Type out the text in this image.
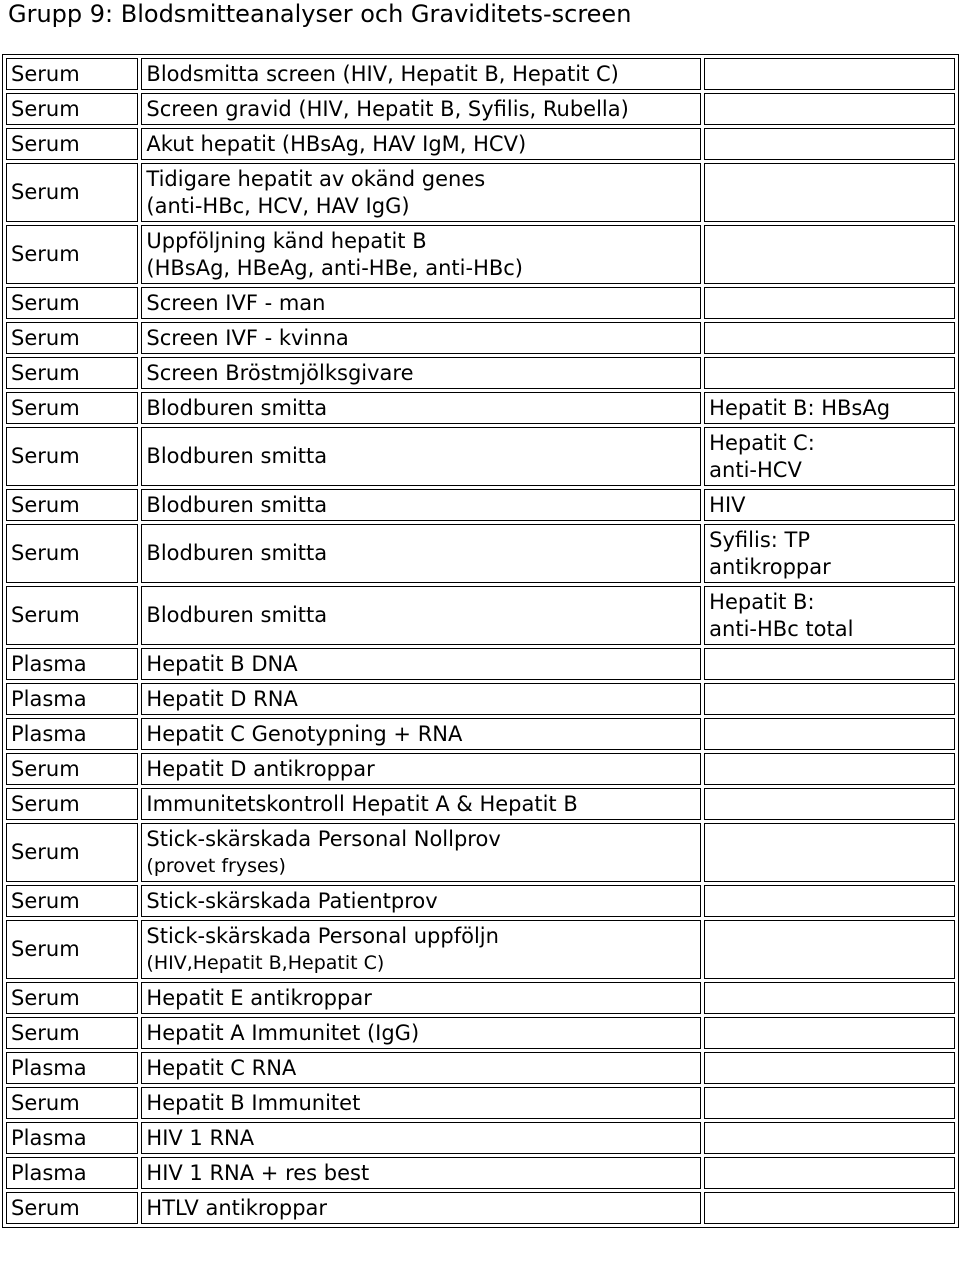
Grupp 9: Blodsmitteanalyser och Graviditets-screen
Serum	Blodsmitta screen (HIV, Hepatit B, Hepatit C)	

Serum	Screen gravid (HIV, Hepatit B, Syfilis, Rubella)	

Serum	Akut hepatit (HBsAg, HAV IgM, HCV)	

Serum	Tidigare hepatit av okänd genes
(anti-HBc, HCV, HAV IgG)	

Serum	Uppföljning känd hepatit B
(HBsAg, HBeAg, anti-HBe, anti-HBc)	

Serum	Screen IVF - man	

Serum	Screen IVF - kvinna	

Serum	Screen Bröstmjölksgivare	

Serum	Blodburen smitta	Hepatit B: HBsAg

Serum	Blodburen smitta	Hepatit C:
anti-HCV

Serum	Blodburen smitta	HIV

Serum	Blodburen smitta	Syfilis: TP
antikroppar

Serum	Blodburen smitta	Hepatit B:
anti-HBc total

Plasma	Hepatit B DNA	

Plasma	Hepatit D RNA	

Plasma	Hepatit C Genotypning + RNA	

Serum	Hepatit D antikroppar	

Serum	Immunitetskontroll Hepatit A & Hepatit B	

Serum	Stick-skärskada Personal Nollprov
(provet fryses)	

Serum	Stick-skärskada Patientprov	

Serum	Stick-skärskada Personal uppföljn
(HIV,Hepatit B,Hepatit C)	

Serum	Hepatit E antikroppar	

Serum	Hepatit A Immunitet (IgG)	

Plasma	Hepatit C RNA	

Serum	Hepatit B Immunitet	

Plasma	HIV 1 RNA	

Plasma	HIV 1 RNA + res best	

Serum	HTLV antikroppar	
